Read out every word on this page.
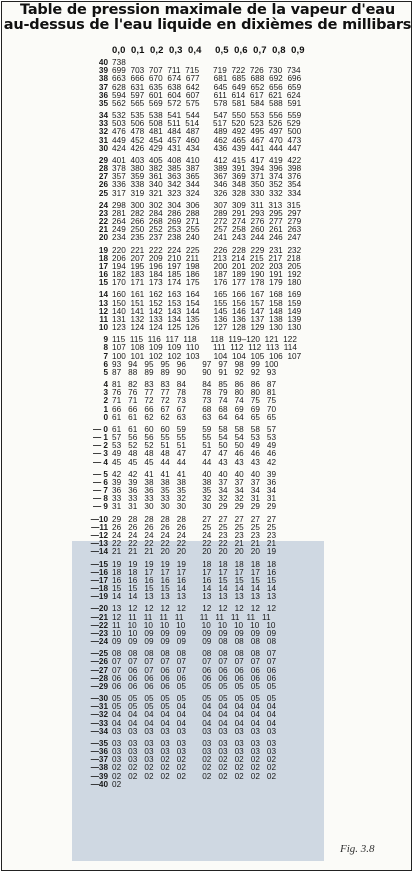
Table de pression maximale de la vapeur d'eau
au-dessus de l'eau liquide en dixièmes de millibars
0,0  0,1  0,2  0,3  0,4     0,5  0,6  0,7  0,8  0,9
40 738
39 699  703  707  711  715      719  722  726  730  734
38 663  666  670  674  677      681  685  688  692  696
37 628  631  635  638  642      645  649  652  656  659
36 594  597  601  604  607      611  614  617  621  624
35 562  565  569  572  575      578  581  584  588  591
34 532  535  538  541  544      547  550  553  556  559
33 503  506  508  511  514      517  520  523  526  529
32 476  478  481  484  487      489  492  495  497  500
31 449  452  454  457  460      462  465  467  470  473
30 424  426  429  431  434      436  439  441  444  447
29 401  403  405  408  410      412  415  417  419  422
28 378  380  382  385  387      389  391  394  396  398
27 357  359  361  363  365      367  369  371  374  376
26 336  338  340  342  344      346  348  350  352  354
25 317  319  321  323  324      326  328  330  332  334
24 298  300  302  304  306      307  309  311  313  315
23 281  282  284  286  288      289  291  293  295  297
22 264  266  268  269  271      272  274  276  277  279
21 249  250  252  253  255      257  258  260  261  263
20 234  235  237  238  240      241  243  244  246  247
19 220  221  222  224  225      226  228  229  231  232
18 206  207  209  210  211      213  214  215  217  218
17 194  195  196  197  198      200  201  202  203  205
16 182  183  184  185  186      187  189  190  191  192
15 170  171  173  174  175      176  177  178  179  180
14 160  161  162  163  164      165  166  167  168  169
13 150  151  152  153  154      155  156  157  158  159
12 140  141  142  143  144      145  146  147  148  149
11 131  132  133  134  135      136  136  137  138  139
10 123  124  124  125  126      127  128  129  130  130
9 115  115  116  117  118      118  119–120  121  122
8 107  108  109  109  110      111  112  112  113  114
7 100  101  102  102  103      104  104  105  106  107
6 93   94   95   95   96       97   97   98   99  100
5 87   88   89   89   90       90   91   92   92   93
4 81   82   83   83   84       84   85   86   86   87
3 76   76   77   77   78       78   79   80   80   81
2 71   71   72   72   73       73   74   74   75   75
1 66   66   66   67   67       68   68   69   69   70
0 61   61   62   62   63       63   64   64   65   65
— 0 61   61   60   60   59       59   58   58   58   57
— 1 57   56   56   55   55       55   54   54   53   53
— 2 53   52   52   51   51       51   50   50   49   49
— 3 49   48   48   48   47       47   47   46   46   46
— 4 45   45   45   44   44       44   43   43   43   42
— 5 42   42   41   41   41       40   40   40   40   39
— 6 39   39   38   38   38       38   37   37   37   36
— 7 36   36   36   35   35       35   34   34   34   34
— 8 33   33   33   33   32       32   32   32   31   31
— 9 31   31   30   30   30       30   29   29   29   29
—10 29   28   28   28   28       27   27   27   27   27
—11 26   26   26   26   26       25   25   25   25   25
—12 24   24   24   24   24       24   23   23   23   23
—13 22   22   22   22   22       22   22   21   21   21
—14 21   21   21   20   20       20   20   20   20   19
—15 19   19   19   19   19       18   18   18   18   18
—16 18   18   17   17   17       17   17   17   17   16
—17 16   16   16   16   16       16   15   15   15   15
—18 15   15   15   15   14       14   14   14   14   14
—19 14   14   13   13   13       13   13   13   13   13
—20 13   12   12   12   12       12   12   12   12   12
—21 12   11   11   11   11       11   11   11   11   11
—22 11   10   10   10   10       10   10   10   10   10
—23 10   10   09   09   09       09   09   09   09   09
—24 09   09   09   09   09       09   08   08   08   08
—25 08   08   08   08   08       08   08   08   08   07
—26 07   07   07   07   07       07   07   07   07   07
—27 07   06   07   06   07       06   06   06   06   06
—28 06   06   06   06   06       06   06   06   06   06
—29 06   06   06   06   05       05   05   05   05   05
—30 05   05   05   05   05       05   05   05   05   05
—31 05   05   05   05   04       04   04   04   04   04
—32 04   04   04   04   04       04   04   04   04   04
—33 04   04   04   04   04       04   04   04   04   04
—34 03   03   03   03   03       03   03   03   03   03
—35 03   03   03   03   03       03   03   03   03   03
—36 03   03   03   03   03       03   03   03   03   03
—37 03   03   03   02   02       02   02   02   02   02
—38 02   02   02   02   02       02   02   02   02   02
—39 02   02   02   02   02       02   02   02   02   02
—40 02
Fig. 3.8
